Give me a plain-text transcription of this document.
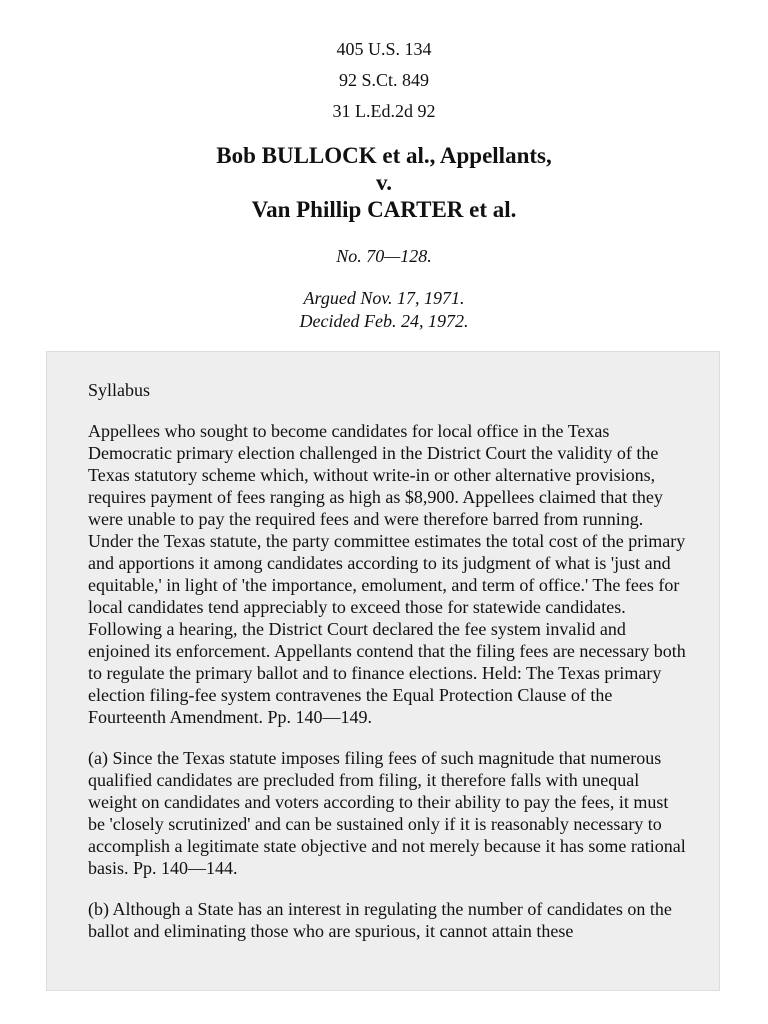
405 U.S. 134
92 S.Ct. 849
31 L.Ed.2d 92
Bob BULLOCK et al., Appellants,
v.
Van Phillip CARTER et al.
No. 70—128.
Argued Nov. 17, 1971.
Decided Feb. 24, 1972.

Syllabus

Appellees who sought to become candidates for local office in the Texas Democratic primary election challenged in the District Court the validity of the Texas statutory scheme which, without write-in or other alternative provisions, requires payment of fees ranging as high as $8,900. Appellees claimed that they were unable to pay the required fees and were therefore barred from running. Under the Texas statute, the party committee estimates the total cost of the primary and apportions it among candidates according to its judgment of what is 'just and equitable,' in light of 'the importance, emolument, and term of office.' The fees for local candidates tend appreciably to exceed those for statewide candidates. Following a hearing, the District Court declared the fee system invalid and enjoined its enforcement. Appellants contend that the filing fees are necessary both to regulate the primary ballot and to finance elections. Held: The Texas primary election filing-fee system contravenes the Equal Protection Clause of the Fourteenth Amendment. Pp. 140—149.

(a) Since the Texas statute imposes filing fees of such magnitude that numerous qualified candidates are precluded from filing, it therefore falls with unequal weight on candidates and voters according to their ability to pay the fees, it must be 'closely scrutinized' and can be sustained only if it is reasonably necessary to accomplish a legitimate state objective and not merely because it has some rational basis. Pp. 140—144.

(b) Although a State has an interest in regulating the number of candidates on the ballot and eliminating those who are spurious, it cannot attain these
